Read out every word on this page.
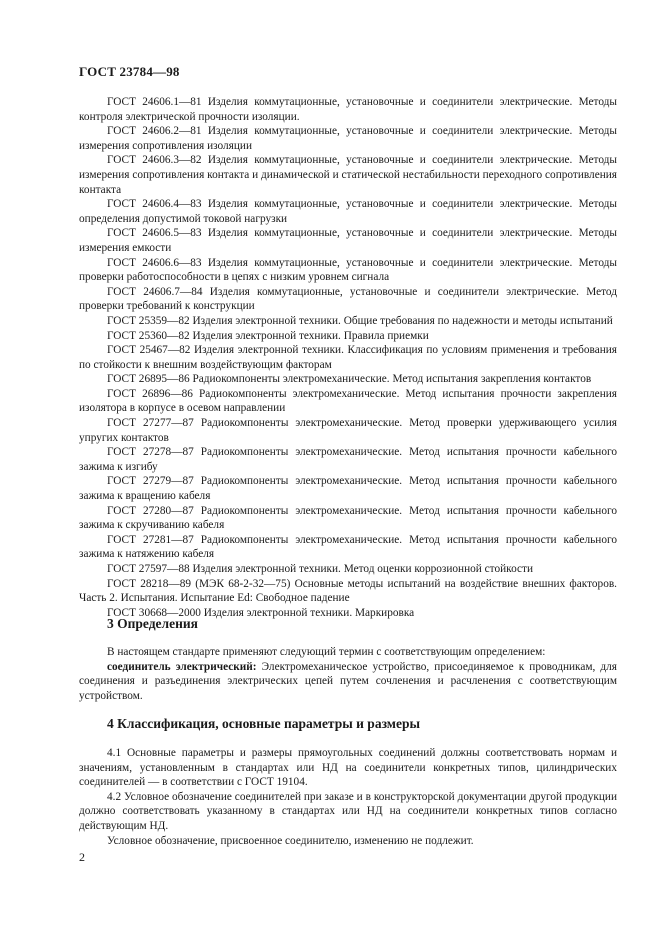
ГОСТ 23784—98

ГОСТ 24606.1—81 Изделия коммутационные, установочные и соединители электрические. Методы контроля электрической прочности изоляции.

ГОСТ 24606.2—81 Изделия коммутационные, установочные и соединители электрические. Методы измерения сопротивления изоляции

ГОСТ 24606.3—82 Изделия коммутационные, установочные и соединители электрические. Методы измерения сопротивления контакта и динамической и статической нестабильности переходного сопротивления контакта

ГОСТ 24606.4—83 Изделия коммутационные, установочные и соединители электрические. Методы определения допустимой токовой нагрузки

ГОСТ 24606.5—83 Изделия коммутационные, установочные и соединители электрические. Методы измерения емкости

ГОСТ 24606.6—83 Изделия коммутационные, установочные и соединители электрические. Методы проверки работоспособности в цепях с низким уровнем сигнала

ГОСТ 24606.7—84 Изделия коммутационные, установочные и соединители электрические. Метод проверки требований к конструкции

ГОСТ 25359—82 Изделия электронной техники. Общие требования по надежности и методы испытаний

ГОСТ 25360—82 Изделия электронной техники. Правила приемки

ГОСТ 25467—82 Изделия электронной техники. Классификация по условиям применения и требования по стойкости к внешним воздействующим факторам

ГОСТ 26895—86 Радиокомпоненты электромеханические. Метод испытания закрепления контактов

ГОСТ 26896—86 Радиокомпоненты электромеханические. Метод испытания прочности закрепления изолятора в корпусе в осевом направлении

ГОСТ 27277—87 Радиокомпоненты электромеханические. Метод проверки удерживающего усилия упругих контактов

ГОСТ 27278—87 Радиокомпоненты электромеханические. Метод испытания прочности кабельного зажима к изгибу

ГОСТ 27279—87 Радиокомпоненты электромеханические. Метод испытания прочности кабельного зажима к вращению кабеля

ГОСТ 27280—87 Радиокомпоненты электромеханические. Метод испытания прочности кабельного зажима к скручиванию кабеля

ГОСТ 27281—87 Радиокомпоненты электромеханические. Метод испытания прочности кабельного зажима к натяжению кабеля

ГОСТ 27597—88 Изделия электронной техники. Метод оценки коррозионной стойкости

ГОСТ 28218—89 (МЭК 68-2-32—75) Основные методы испытаний на воздействие внешних факторов. Часть 2. Испытания. Испытание Ed: Свободное падение

ГОСТ 30668—2000 Изделия электронной техники. Маркировка

3 Определения

В настоящем стандарте применяют следующий термин с соответствующим определением:

соединитель электрический: Электромеханическое устройство, присоединяемое к проводникам, для соединения и разъединения электрических цепей путем сочленения и расчленения с соответствующим устройством.

4 Классификация, основные параметры и размеры

4.1 Основные параметры и размеры прямоугольных соединений должны соответствовать нормам и значениям, установленным в стандартах или НД на соединители конкретных типов, цилиндрических соединителей — в соответствии с ГОСТ 19104.

4.2 Условное обозначение соединителей при заказе и в конструкторской документации другой продукции должно соответствовать указанному в стандартах или НД на соединители конкретных типов согласно действующим НД.

Условное обозначение, присвоенное соединителю, изменению не подлежит.

2
